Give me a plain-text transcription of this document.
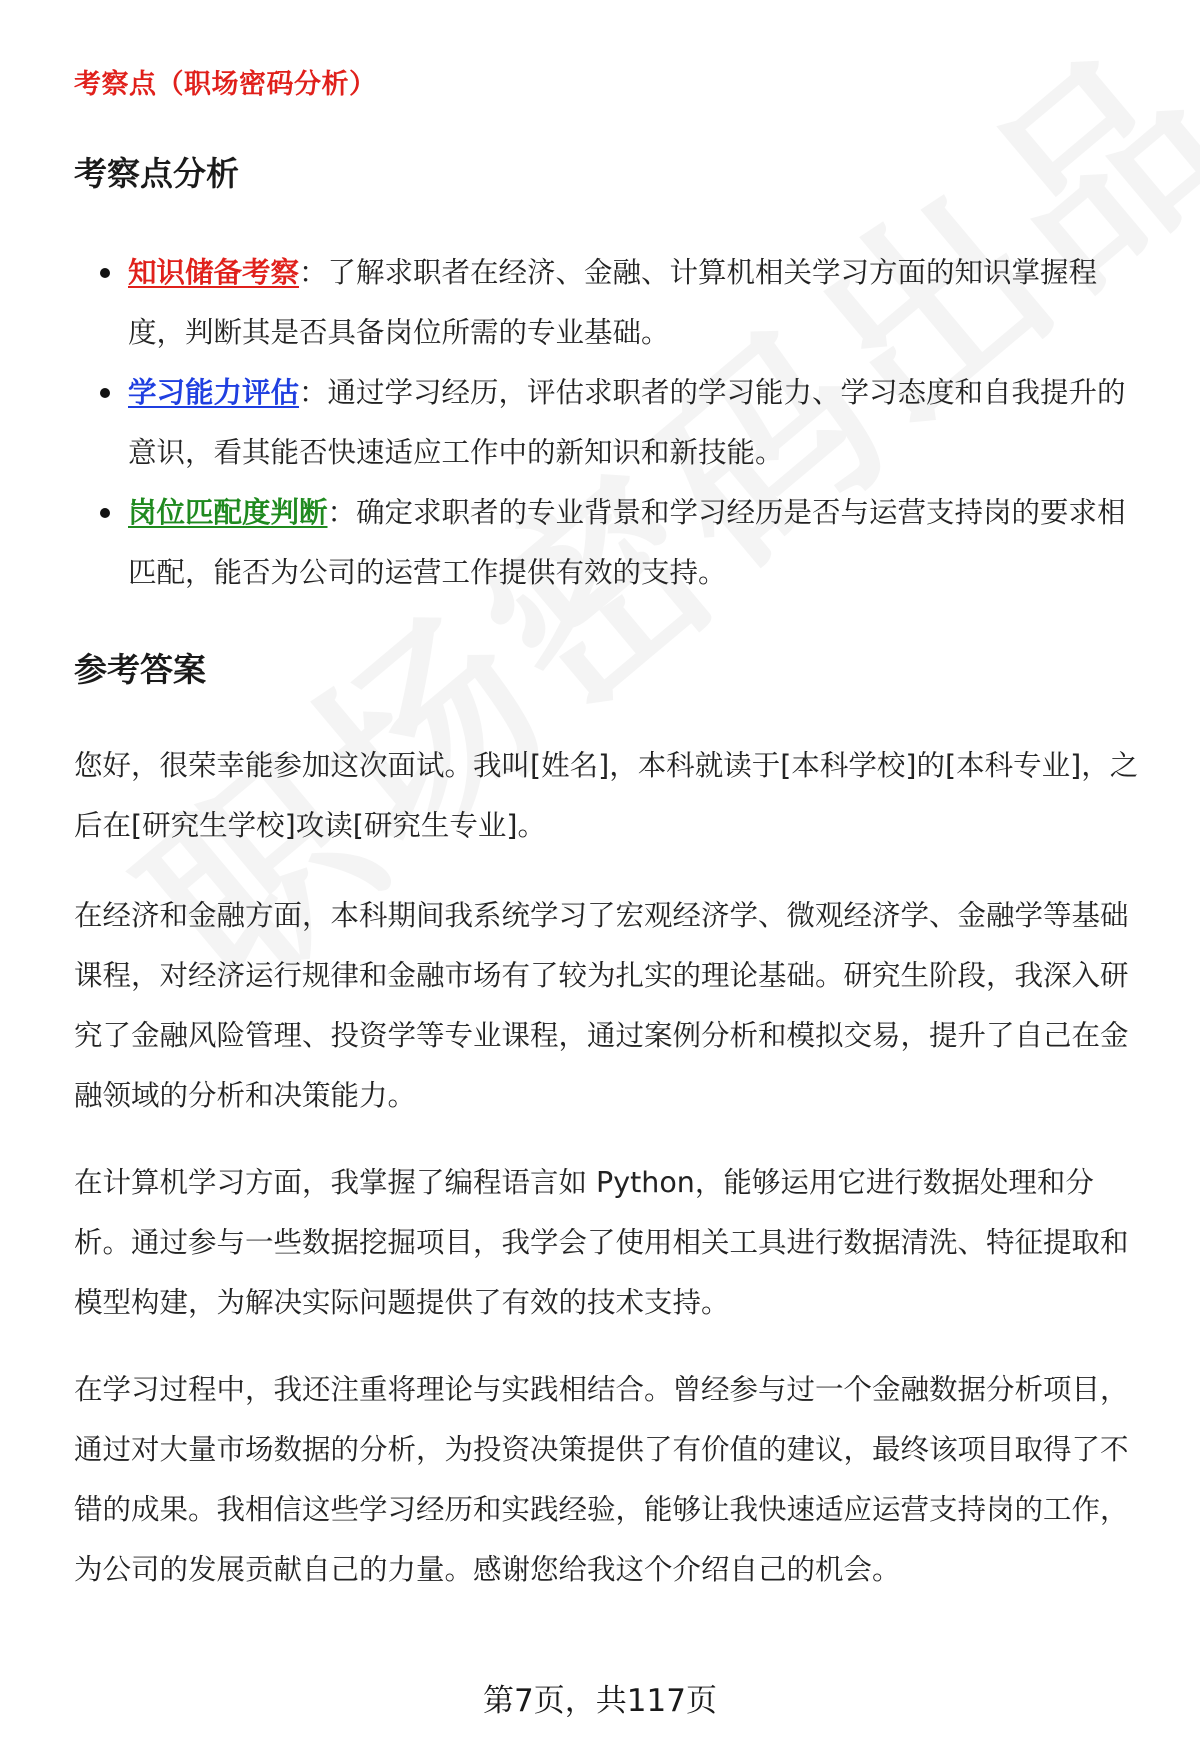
考察点（职场密码分析）
考察点分析
知识储备考察：了解求职者在经济、金融、计算机相关学习方面的知识掌握程度，判断其是否具备岗位所需的专业基础。
学习能力评估：通过学习经历，评估求职者的学习能力、学习态度和自我提升的意识，看其能否快速适应工作中的新知识和新技能。
岗位匹配度判断：确定求职者的专业背景和学习经历是否与运营支持岗的要求相匹配，能否为公司的运营工作提供有效的支持。
参考答案

您好，很荣幸能参加这次面试。我叫[姓名]，本科就读于[本科学校]的[本科专业]，之后在[研究生学校]攻读[研究生专业]。

在经济和金融方面，本科期间我系统学习了宏观经济学、微观经济学、金融学等基础课程，对经济运行规律和金融市场有了较为扎实的理论基础。研究生阶段，我深入研究了金融风险管理、投资学等专业课程，通过案例分析和模拟交易，提升了自己在金融领域的分析和决策能力。

在计算机学习方面，我掌握了编程语言如 Python，能够运用它进行数据处理和分析。通过参与一些数据挖掘项目，我学会了使用相关工具进行数据清洗、特征提取和模型构建，为解决实际问题提供了有效的技术支持。

在学习过程中，我还注重将理论与实践相结合。曾经参与过一个金融数据分析项目，通过对大量市场数据的分析，为投资决策提供了有价值的建议，最终该项目取得了不错的成果。我相信这些学习经历和实践经验，能够让我快速适应运营支持岗的工作，为公司的发展贡献自己的力量。感谢您给我这个介绍自己的机会。

第7页，共117页
